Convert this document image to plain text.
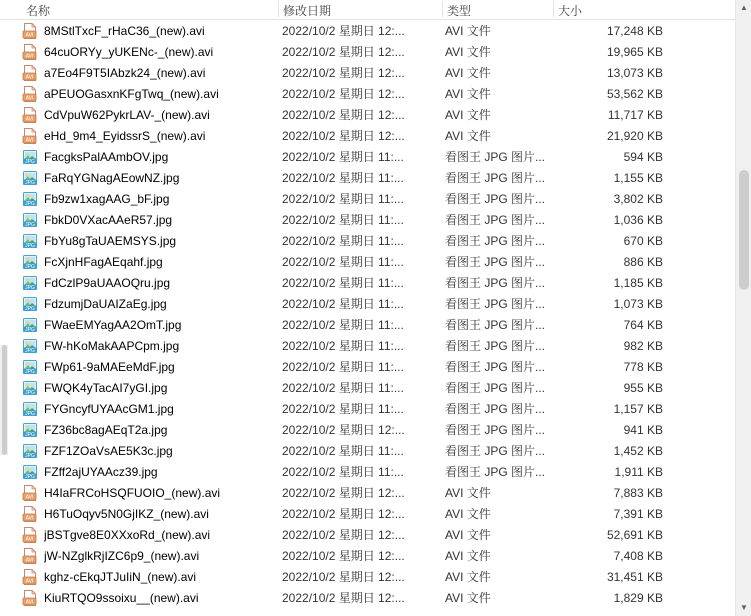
名称	修改日期	类型	大小
AVI 8MStlTxcF_rHaC36_(new).avi	2022/10/2 星期日 12:...	AVI 文件	17,248 KB
AVI 64cuORYy_yUKENc-_(new).avi	2022/10/2 星期日 12:...	AVI 文件	19,965 KB
AVI a7Eo4F9T5IAbzk24_(new).avi	2022/10/2 星期日 12:...	AVI 文件	13,073 KB
AVI aPEUOGasxnKFgTwq_(new).avi	2022/10/2 星期日 12:...	AVI 文件	53,562 KB
AVI CdVpuW62PykrLAV-_(new).avi	2022/10/2 星期日 12:...	AVI 文件	11,717 KB
AVI eHd_9m4_EyidssrS_(new).avi	2022/10/2 星期日 12:...	AVI 文件	21,920 KB
JPG FacgksPalAAmbOV.jpg	2022/10/2 星期日 11:...	看图王 JPG 图片...	594 KB
JPG FaRqYGNagAEowNZ.jpg	2022/10/2 星期日 11:...	看图王 JPG 图片...	1,155 KB
JPG Fb9zw1xagAAG_bF.jpg	2022/10/2 星期日 11:...	看图王 JPG 图片...	3,802 KB
JPG FbkD0VXacAAeR57.jpg	2022/10/2 星期日 11:...	看图王 JPG 图片...	1,036 KB
JPG FbYu8gTaUAEMSYS.jpg	2022/10/2 星期日 11:...	看图王 JPG 图片...	670 KB
JPG FcXjnHFagAEqahf.jpg	2022/10/2 星期日 11:...	看图王 JPG 图片...	886 KB
JPG FdCzlP9aUAAOQru.jpg	2022/10/2 星期日 11:...	看图王 JPG 图片...	1,185 KB
JPG FdzumjDaUAIZaEg.jpg	2022/10/2 星期日 11:...	看图王 JPG 图片...	1,073 KB
JPG FWaeEMYagAA2OmT.jpg	2022/10/2 星期日 11:...	看图王 JPG 图片...	764 KB
JPG FW-hKoMakAAPCpm.jpg	2022/10/2 星期日 11:...	看图王 JPG 图片...	982 KB
JPG FWp61-9aMAEeMdF.jpg	2022/10/2 星期日 11:...	看图王 JPG 图片...	778 KB
JPG FWQK4yTacAI7yGI.jpg	2022/10/2 星期日 11:...	看图王 JPG 图片...	955 KB
JPG FYGncyfUYAAcGM1.jpg	2022/10/2 星期日 11:...	看图王 JPG 图片...	1,157 KB
JPG FZ36bc8agAEqT2a.jpg	2022/10/2 星期日 12:...	看图王 JPG 图片...	941 KB
JPG FZF1ZOaVsAE5K3c.jpg	2022/10/2 星期日 11:...	看图王 JPG 图片...	1,452 KB
JPG FZff2ajUYAAcz39.jpg	2022/10/2 星期日 11:...	看图王 JPG 图片...	1,911 KB
AVI H4IaFRCoHSQFUOIO_(new).avi	2022/10/2 星期日 12:...	AVI 文件	7,883 KB
AVI H6TuOqyv5N0GjIKZ_(new).avi	2022/10/2 星期日 12:...	AVI 文件	7,391 KB
AVI jBSTgve8E0XXxoRd_(new).avi	2022/10/2 星期日 12:...	AVI 文件	52,691 KB
AVI jW-NZglkRjIZC6p9_(new).avi	2022/10/2 星期日 12:...	AVI 文件	7,408 KB
AVI kghz-cEkqJTJuIiN_(new).avi	2022/10/2 星期日 12:...	AVI 文件	31,451 KB
AVI KiuRTQO9ssoixu__(new).avi	2022/10/2 星期日 12:...	AVI 文件	1,829 KB
▲
▼
